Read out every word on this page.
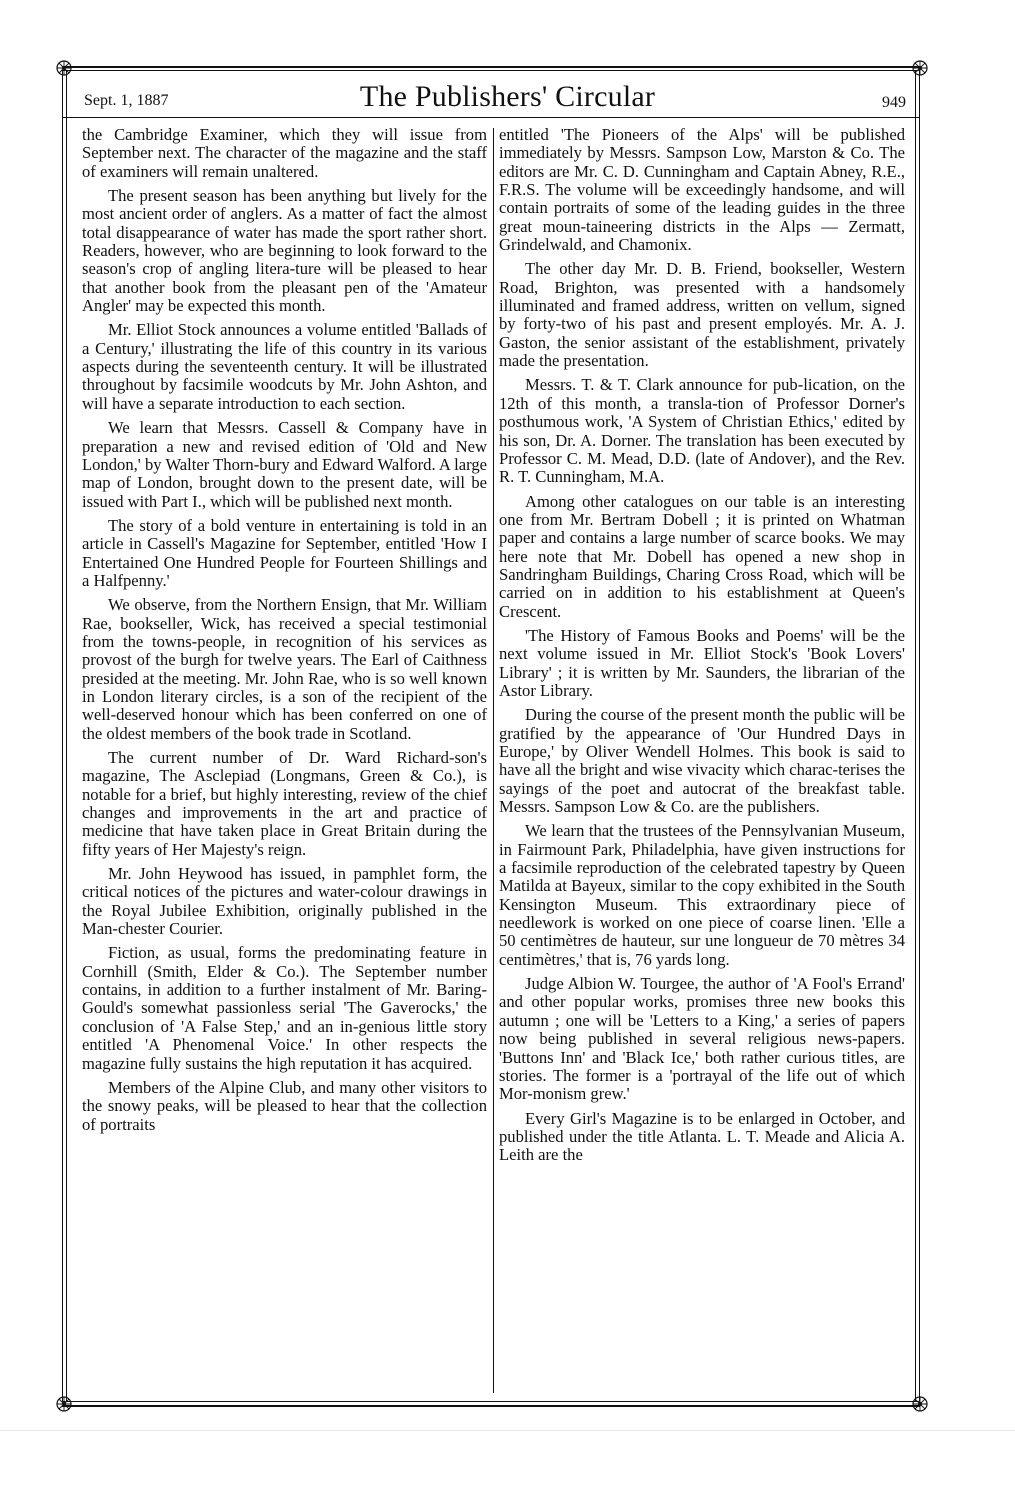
Sept. 1, 1887	The Publishers' Circular	949

the Cambridge Examiner, which they will issue from September next. The character of the magazine and the staff of examiners will remain unaltered.

The present season has been anything but lively for the most ancient order of anglers. As a matter of fact the almost total disappearance of water has made the sport rather short. Readers, however, who are beginning to look forward to the season's crop of angling litera-ture will be pleased to hear that another book from the pleasant pen of the 'Amateur Angler' may be expected this month.

Mr. Elliot Stock announces a volume entitled 'Ballads of a Century,' illustrating the life of this country in its various aspects during the seventeenth century. It will be illustrated throughout by facsimile woodcuts by Mr. John Ashton, and will have a separate introduction to each section.

We learn that Messrs. Cassell & Company have in preparation a new and revised edition of 'Old and New London,' by Walter Thorn-bury and Edward Walford. A large map of London, brought down to the present date, will be issued with Part I., which will be published next month.

The story of a bold venture in entertaining is told in an article in Cassell's Magazine for September, entitled 'How I Entertained One Hundred People for Fourteen Shillings and a Halfpenny.'

We observe, from the Northern Ensign, that Mr. William Rae, bookseller, Wick, has received a special testimonial from the towns-people, in recognition of his services as provost of the burgh for twelve years. The Earl of Caithness presided at the meeting. Mr. John Rae, who is so well known in London literary circles, is a son of the recipient of the well-deserved honour which has been conferred on one of the oldest members of the book trade in Scotland.

The current number of Dr. Ward Richard-son's magazine, The Asclepiad (Longmans, Green & Co.), is notable for a brief, but highly interesting, review of the chief changes and improvements in the art and practice of medicine that have taken place in Great Britain during the fifty years of Her Majesty's reign.

Mr. John Heywood has issued, in pamphlet form, the critical notices of the pictures and water-colour drawings in the Royal Jubilee Exhibition, originally published in the Man-chester Courier.

Fiction, as usual, forms the predominating feature in Cornhill (Smith, Elder & Co.). The September number contains, in addition to a further instalment of Mr. Baring-Gould's somewhat passionless serial 'The Gaverocks,' the conclusion of 'A False Step,' and an in-genious little story entitled 'A Phenomenal Voice.' In other respects the magazine fully sustains the high reputation it has acquired.

Members of the Alpine Club, and many other visitors to the snowy peaks, will be pleased to hear that the collection of portraits

entitled 'The Pioneers of the Alps' will be published immediately by Messrs. Sampson Low, Marston & Co. The editors are Mr. C. D. Cunningham and Captain Abney, R.E., F.R.S. The volume will be exceedingly handsome, and will contain portraits of some of the leading guides in the three great moun-taineering districts in the Alps — Zermatt, Grindelwald, and Chamonix.

The other day Mr. D. B. Friend, bookseller, Western Road, Brighton, was presented with a handsomely illuminated and framed address, written on vellum, signed by forty-two of his past and present employés. Mr. A. J. Gaston, the senior assistant of the establishment, privately made the presentation.

Messrs. T. & T. Clark announce for pub-lication, on the 12th of this month, a transla-tion of Professor Dorner's posthumous work, 'A System of Christian Ethics,' edited by his son, Dr. A. Dorner. The translation has been executed by Professor C. M. Mead, D.D. (late of Andover), and the Rev. R. T. Cunningham, M.A.

Among other catalogues on our table is an interesting one from Mr. Bertram Dobell ; it is printed on Whatman paper and contains a large number of scarce books. We may here note that Mr. Dobell has opened a new shop in Sandringham Buildings, Charing Cross Road, which will be carried on in addition to his establishment at Queen's Crescent.

'The History of Famous Books and Poems' will be the next volume issued in Mr. Elliot Stock's 'Book Lovers' Library' ; it is written by Mr. Saunders, the librarian of the Astor Library.

During the course of the present month the public will be gratified by the appearance of 'Our Hundred Days in Europe,' by Oliver Wendell Holmes. This book is said to have all the bright and wise vivacity which charac-terises the sayings of the poet and autocrat of the breakfast table. Messrs. Sampson Low & Co. are the publishers.

We learn that the trustees of the Pennsylvanian Museum, in Fairmount Park, Philadelphia, have given instructions for a facsimile reproduction of the celebrated tapestry by Queen Matilda at Bayeux, similar to the copy exhibited in the South Kensington Museum. This extraordinary piece of needlework is worked on one piece of coarse linen. 'Elle a 50 centimètres de hauteur, sur une longueur de 70 mètres 34 centimètres,' that is, 76 yards long.

Judge Albion W. Tourgee, the author of 'A Fool's Errand' and other popular works, promises three new books this autumn ; one will be 'Letters to a King,' a series of papers now being published in several religious news-papers. 'Buttons Inn' and 'Black Ice,' both rather curious titles, are stories. The former is a 'portrayal of the life out of which Mor-monism grew.'

Every Girl's Magazine is to be enlarged in October, and published under the title Atlanta. L. T. Meade and Alicia A. Leith are the
